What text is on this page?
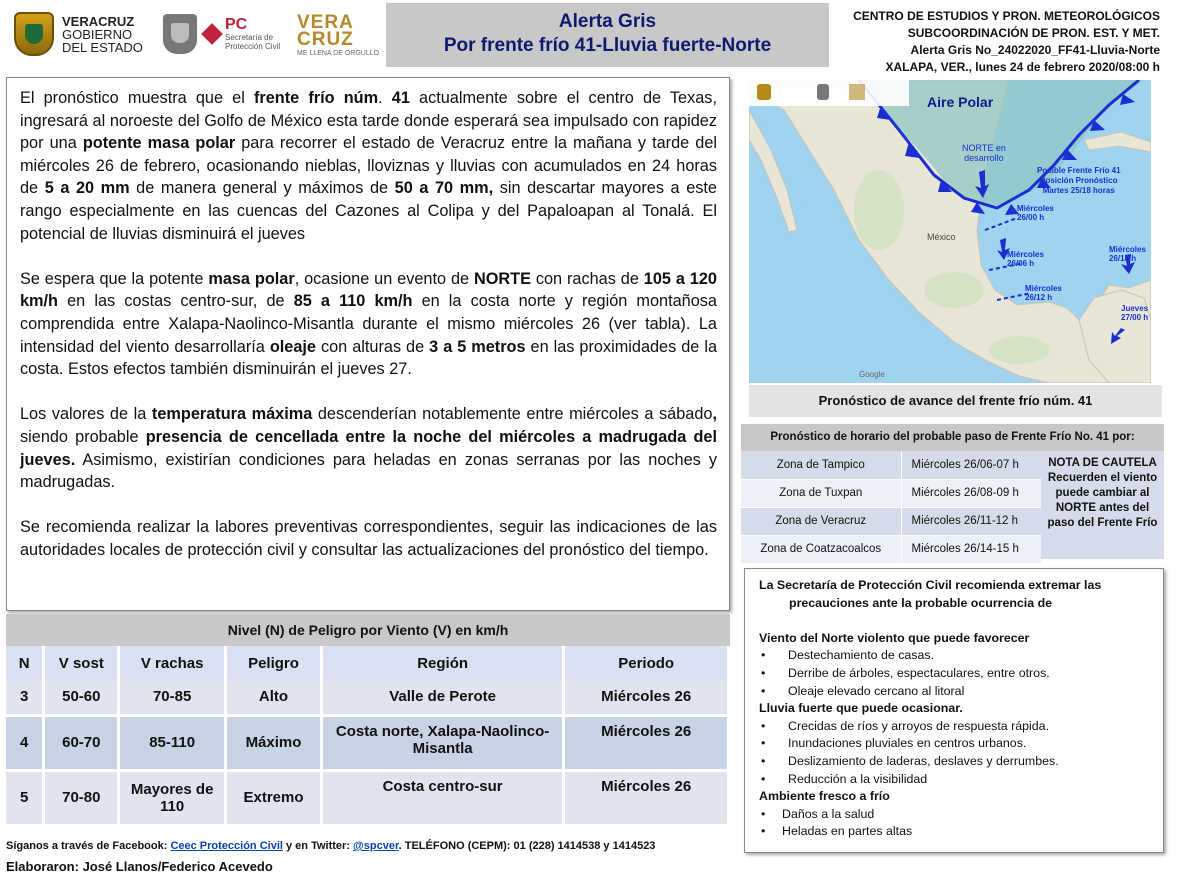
VERACRUZ
GOBIERNO
DEL ESTADO
PC
Secretaría de
Protección Civil
VERA
CRUZ
ME LLENA DE ORGULLO
Alerta Gris
Por frente frío 41-Lluvia fuerte-Norte
CENTRO DE ESTUDIOS Y PRON. METEOROLÓGICOS
SUBCOORDINACIÓN DE PRON. EST. Y MET.
Alerta Gris No_24022020_FF41-Lluvia-Norte
XALAPA, VER., lunes 24 de febrero 2020/08:00 h

El pronóstico muestra que el frente frío núm. 41 actualmente sobre el centro de Texas, ingresará al noroeste del Golfo de México esta tarde donde esperará sea impulsado con rapidez por una potente masa polar para recorrer el estado de Veracruz entre la mañana y tarde del miércoles 26 de febrero, ocasionando nieblas, lloviznas y lluvias con acumulados en 24 horas de 5 a 20 mm de manera general y máximos de 50 a 70 mm, sin descartar mayores a este rango especialmente en las cuencas del Cazones al Colipa y del Papaloapan al Tonalá. El potencial de lluvias disminuirá el jueves

Se espera que la potente masa polar, ocasione un evento de NORTE con rachas de 105 a 120 km/h en las costas centro-sur, de 85 a 110 km/h en la costa norte y región montañosa comprendida entre Xalapa-Naolinco-Misantla durante el mismo miércoles 26 (ver tabla). La intensidad del viento desarrollaría oleaje con alturas de 3 a 5 metros en las proximidades de la costa. Estos efectos también disminuirán el jueves 27.

Los valores de la temperatura máxima descenderían notablemente entre miércoles a sábado, siendo probable presencia de cencellada entre la noche del miércoles a madrugada del jueves. Asimismo, existirían condiciones para heladas en zonas serranas por las noches y madrugadas.

Se recomienda realizar la labores preventivas correspondientes, seguir las indicaciones de las autoridades locales de protección civil y consultar las actualizaciones del pronóstico del tiempo.

Nivel (N) de Peligro por Viento (V) en km/h
N	V sost	V rachas	Peligro	Región	Periodo
3	50-60	70-85	Alto	Valle de Perote	Miércoles 26
4	60-70	85-110	Máximo	Costa norte, Xalapa-Naolinco-Misantla	Miércoles 26
5	70-80	Mayores de 110	Extremo	Costa centro-sur	Miércoles 26
Síganos a través de Facebook: Ceec Protección Civil y en Twitter: @spcver. TELÉFONO (CEPM): 01 (228) 1414538 y 1414523
Elaboraron: José Llanos/Federico Acevedo
Aire Polar
NORTE en
desarrollo
Posible Frente Frío 41
Posición Pronóstico
Martes 25/18 horas
Miércoles
26/00 h
Miércoles
26/06 h
Miércoles
26/12 h
Miércoles
26/18 h
Jueves
27/00 h
México
Google
Pronóstico de avance del frente frío núm. 41
Pronóstico de horario del probable paso de Frente Frío No. 41 por:
Zona de Tampico	Miércoles 26/06-07 h
Zona de Tuxpan	Miércoles 26/08-09 h
Zona de Veracruz	Miércoles 26/11-12 h
Zona de Coatzacoalcos	Miércoles 26/14-15 h
NOTA DE CAUTELA
Recuerden el viento puede cambiar al NORTE antes del paso del Frente Frío
La Secretaría de Protección Civil recomienda extremar las
precauciones ante la probable ocurrencia de
Viento del Norte violento que puede favorecer
• Destechamiento de casas.
• Derribe de árboles, espectaculares, entre otros.
• Oleaje elevado cercano al litoral
Lluvia fuerte que puede ocasionar.
• Crecidas de ríos y arroyos de respuesta rápida.
• Inundaciones pluviales en centros urbanos.
• Deslizamiento de laderas, deslaves y derrumbes.
• Reducción a la visibilidad
Ambiente fresco a frío
• Daños a la salud
• Heladas en partes altas
